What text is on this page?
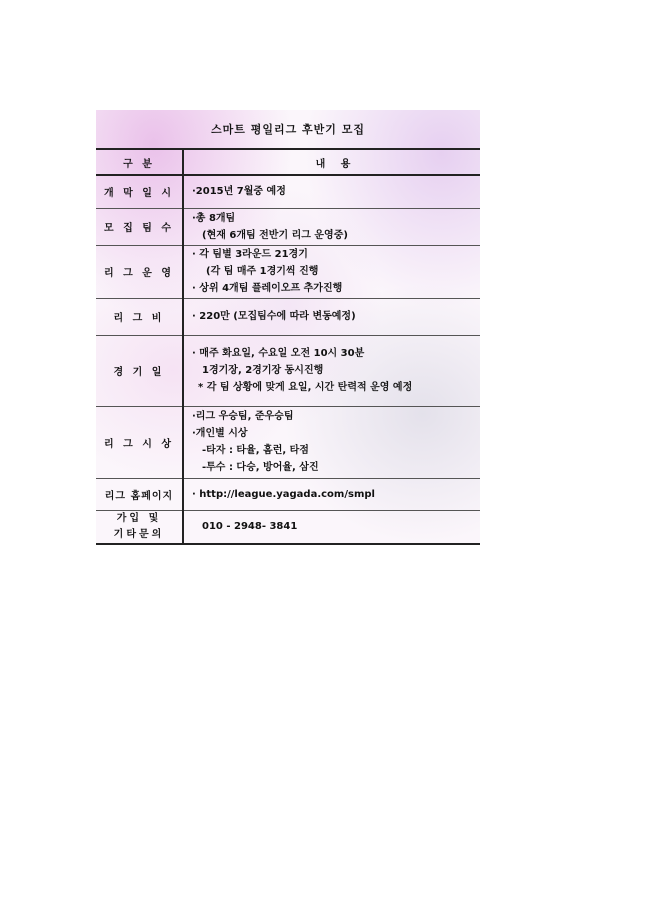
스마트 평일리그 후반기 모집
구 분	내 용
개 막 일 시	·2015년 7월중 예정

모 집 팀 수	·총 8개팀
(현재 6개팀 전반기 리그 운영중)

리 그 운 영	· 각 팀별 3라운드 21경기
(각 팀 매주 1경기씩 진행
· 상위 4개팀 플레이오프 추가진행

리 그 비	· 220만 (모집팀수에 따라 변동예정)

경 기 일	· 매주 화요일, 수요일 오전 10시 30분
1경기장, 2경기장 동시진행
* 각 팀 상황에 맞게 요일, 시간 탄력적 운영 예정

리 그 시 상	·리그 우승팀, 준우승팀
·개인별 시상
-타자 : 타율, 홈런, 타점
-투수 : 다승, 방어율, 삼진

리그 홈페이지	· http://league.yagada.com/smpl

가입 및
기타문의	010 - 2948- 3841
